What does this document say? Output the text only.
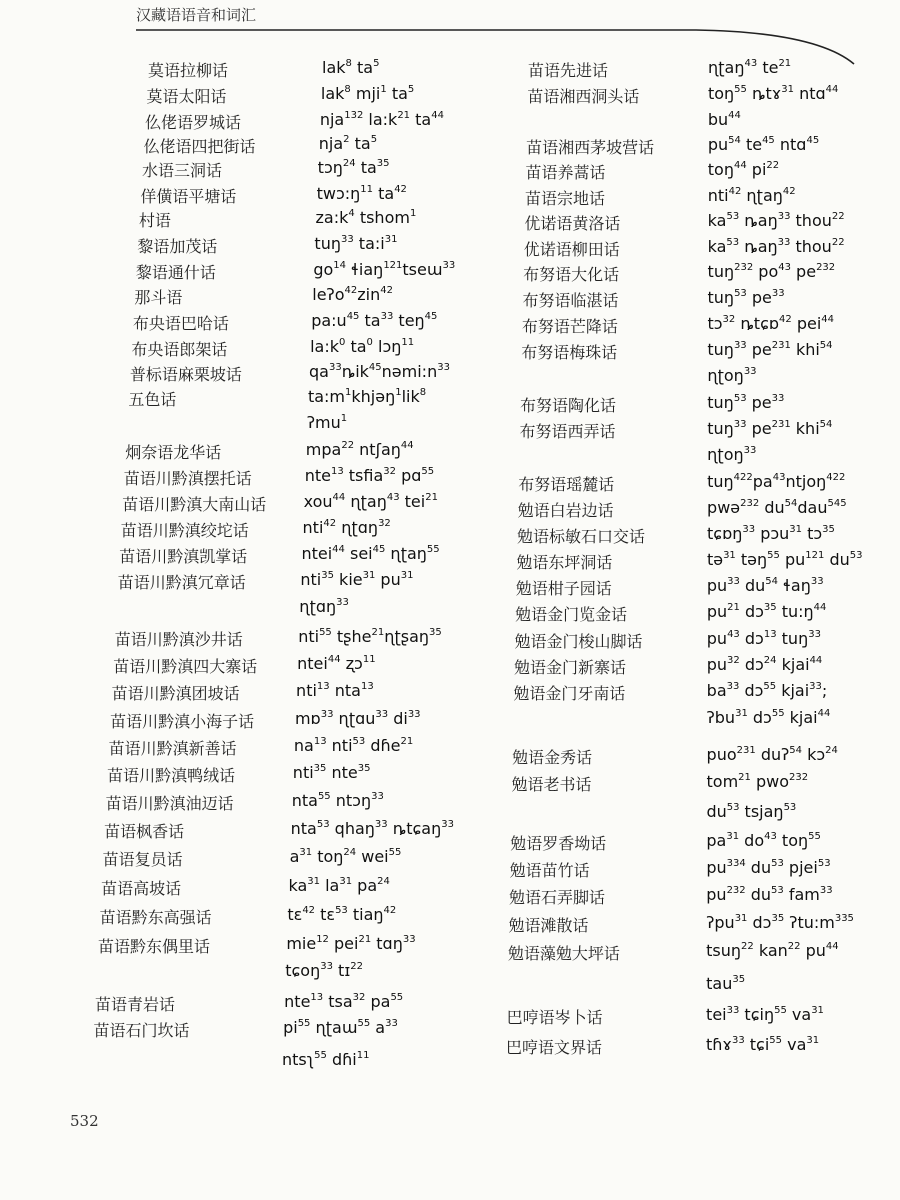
汉藏语语音和词汇
莫语拉柳话	lak$^8$ $ta^5$
莫语太阳话	lak$^8$ mji$^1$ $ta^5$
仫佬语罗城话	nja$^{132}$ $la:k^{21}$ $ta^{44}$
仫佬语四把街话	nja$^2$ $ta^5$
水语三洞话	tɔŋ$^{24}$ $ta^{35}$
佯僙语平塘话	$twɔ:ŋ^{11}$ $ta^{42}$
村语	$za:k^4$ tshom$^1$
黎语加茂话	tuŋ$^{33}$ $ta:i^{31}$
黎语通什话	$go^{14}$ ɬiaŋ$^{121}$tseɯ$^{33}$
那斗语	leʔo$^{42}$zin$^{42}$
布央语巴哈话	$pa:u^{45}$ $ta^{33}$ teŋ$^{45}$
布央语郎架话	$la:k^0$ $ta^0$ lɔŋ$^{11}$
普标语麻栗坡话	$qa^{33}ȵik^{45}nəmi:n^{33}$
五色话	$ta:m^1khjəŋ^1lik^8$
ʔmu$^1$
炯奈语龙华话	mpa$^{22}$ ntʃaŋ$^{44}$
苗语川黔滇摆托话	nte$^{13}$ tsfia$^{32}$ pɑ$^{55}$
苗语川黔滇大南山话 xou$^{44}$ ɳʈaŋ$^{43}$ tei$^{21}$
苗语川黔滇绞坨话	nti$^{42}$ ɳʈɑŋ$^{32}$
苗语川黔滇凯掌话	ntei$^{44}$ sei$^{45}$ ɳʈaŋ$^{55}$
苗语川黔滇冗章话	nti$^{35}$ kie$^{31}$ $pu^{31}$
ɳʈɑŋ$^{33}$
苗语川黔滇沙井话	nti$^{55}$ tʂhe$^{21}$ɳʈʂaŋ$^{35}$
苗语川黔滇四大寨话 ntei$^{44}$ ʐɔ$^{11}$
苗语川黔滇团坡话	nti$^{13}$ nta$^{13}$
苗语川黔滇小海子话	mɒ$^{33}$ ɳʈɑu$^{33}$ $di^{33}$
苗语川黔滇新善话	$na^{13}$ nti$^{53}$ dɦe$^{21}$
苗语川黔滇鸭绒话	nti$^{35}$ nte$^{35}$
苗语川黔滇油迈话	nta$^{55}$ ntɔŋ$^{33}$
苗语枫香话	nta$^{53}$ qhaŋ$^{33}$ ȵtɕaŋ$^{33}$
苗语复员话	$a^{31}$ toŋ$^{24}$ wei$^{55}$
苗语高坡话	$ka^{31}$ $la^{31}$ $pa^{24}$
苗语黔东高强话	tɛ$^{42}$ tɛ$^{53}$ tiaŋ$^{42}$
苗语黔东偶里话	mie$^{12}$ pei$^{21}$ tɑŋ$^{33}$
tɕoŋ$^{33}$ tɪ$^{22}$
苗语青岩话	nte$^{13}$ tsa$^{32}$ $pa^{55}$
苗语石门坎话	$pi^{55}$ ɳʈaɯ$^{55}$ $a^{33}$
ntsʅ$^{55}$ dɦi$^{11}$
苗语先进话	ɳʈaŋ$^{43}$ $te^{21}$
苗语湘西洞头话	toŋ$^{55}$ ȵtɤ$^{31}$ ntɑ$^{44}$
$bu^{44}$
苗语湘西茅坡营话	$pu^{54}$ $te^{45}$ ntɑ$^{45}$
苗语养蒿话	toŋ$^{44}$ $pi^{22}$
苗语宗地话	nti$^{42}$ ɳʈaŋ$^{42}$
优诺语黄洛话	$ka^{53}$ ȵaŋ$^{33}$ thou$^{22}$
优诺语柳田话	$ka^{53}$ ȵaŋ$^{33}$ thou$^{22}$
布努语大化话	tuŋ$^{232}$ $po^{43}$ $pe^{232}$
布努语临湛话	tuŋ$^{53}$ $pe^{33}$
布努语芒降话	tɔ$^{32}$ ȵtɕɒ$^{42}$ pei$^{44}$
布努语梅珠话	tuŋ$^{33}$ $pe^{231}$ khi$^{54}$
ɳʈoŋ$^{33}$
布努语陶化话	tuŋ$^{53}$ $pe^{33}$
布努语西弄话	tuŋ$^{33}$ $pe^{231}$ khi$^{54}$
ɳʈoŋ$^{33}$
布努语瑶麓话	$tuŋ^{422}pa^{43}ntjoŋ^{422}$
勉语白岩边话	pwə$^{232}$ $du^{54}dau^{545}$
勉语标敏石口交话	tɕɒŋ$^{33}$ pɔu$^{31}$ tɔ$^{35}$
勉语东坪洞话	tə$^{31}$ təŋ$^{55}$ $pu^{121}$ $du^{53}$
勉语柑子园话	$pu^{33}$ $du^{54}$ ɬaŋ$^{33}$
勉语金门览金话	$pu^{21}$ dɔ$^{35}$ $tu:ŋ^{44}$
勉语金门梭山脚话	$pu^{43}$ dɔ$^{13}$ tuŋ$^{33}$
勉语金门新寨话	$pu^{32}$ dɔ$^{24}$ kjai$^{44}$
勉语金门牙南话	$ba^{33}$ dɔ$^{55}$ kjai$^{33}$;
ʔbu$^{31}$ dɔ$^{55}$ kjai$^{44}$
勉语金秀话	puo$^{231}$ duʔ$^{54}$ kɔ$^{24}$
勉语老书话	tom$^{21}$ pwo$^{232}$
$du^{53}$ tsjaŋ$^{53}$
勉语罗香坳话	$pa^{31}$ $do^{43}$ toŋ$^{55}$
勉语苗竹话	$pu^{334}$ $du^{53}$ pjei$^{53}$
勉语石弄脚话	$pu^{232}$ $du^{53}$ fam$^{33}$
勉语滩散话	ʔpu$^{31}$ dɔ$^{35}$ $ʔtu:m^{335}$
勉语藻勉大坪话	tsuŋ$^{22}$ kan$^{22}$ $pu^{44}$
tau$^{35}$
巴哼语岑卜话	tei$^{33}$ tɕiŋ$^{55}$ $va^{31}$
巴哼语文界话	tɦɤ$^{33}$ tɕi$^{55}$ $va^{31}$
532
